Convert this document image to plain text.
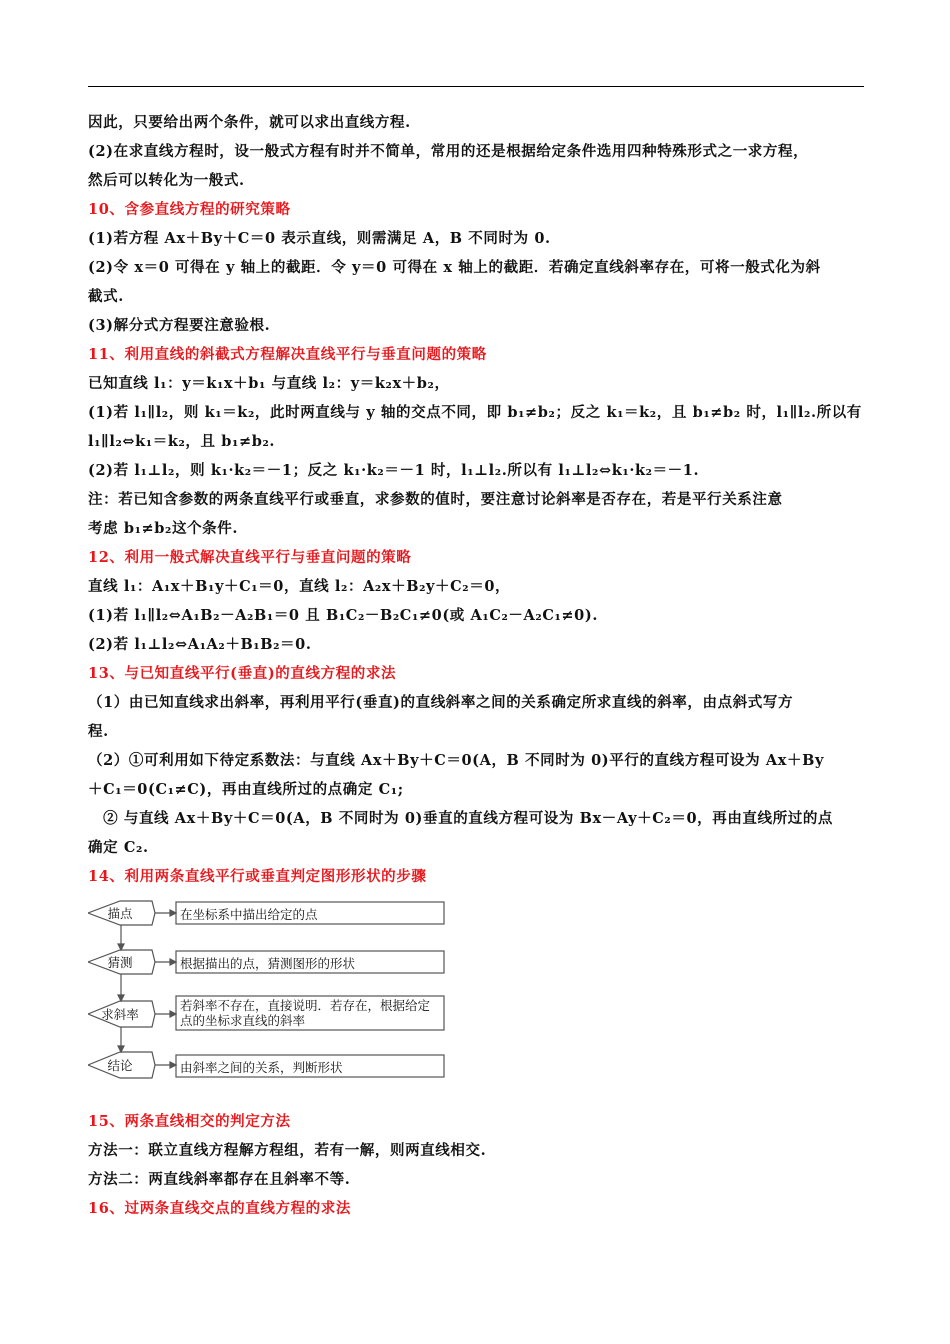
因此，只要给出两个条件，就可以求出直线方程.

(2)在求直线方程时，设一般式方程有时并不简单，常用的还是根据给定条件选用四种特殊形式之一求方程，

然后可以转化为一般式.

10、含参直线方程的研究策略

(1)若方程 Ax＋By＋C＝0 表示直线，则需满足 A，B 不同时为 0.

(2)令 x＝0 可得在 y 轴上的截距．令 y＝0 可得在 x 轴上的截距．若确定直线斜率存在，可将一般式化为斜

截式.

(3)解分式方程要注意验根.

11、利用直线的斜截式方程解决直线平行与垂直问题的策略

已知直线 l₁：y＝k₁x＋b₁ 与直线 l₂：y＝k₂x＋b₂，

(1)若 l₁∥l₂，则 k₁＝k₂，此时两直线与 y 轴的交点不同，即 b₁≠b₂；反之 k₁＝k₂，且 b₁≠b₂ 时，l₁∥l₂.所以有

l₁∥l₂⇔k₁＝k₂，且 b₁≠b₂.

(2)若 l₁⊥l₂，则 k₁·k₂＝－1；反之 k₁·k₂＝－1 时，l₁⊥l₂.所以有 l₁⊥l₂⇔k₁·k₂＝－1.

注：若已知含参数的两条直线平行或垂直，求参数的值时，要注意讨论斜率是否存在，若是平行关系注意

考虑 b₁≠b₂这个条件.

12、利用一般式解决直线平行与垂直问题的策略

直线 l₁：A₁x＋B₁y＋C₁＝0，直线 l₂：A₂x＋B₂y＋C₂＝0，

(1)若 l₁∥l₂⇔A₁B₂－A₂B₁＝0 且 B₁C₂－B₂C₁≠0(或 A₁C₂－A₂C₁≠0).

(2)若 l₁⊥l₂⇔A₁A₂＋B₁B₂＝0.

13、与已知直线平行(垂直)的直线方程的求法

（1）由已知直线求出斜率，再利用平行(垂直)的直线斜率之间的关系确定所求直线的斜率，由点斜式写方

程.

（2）①可利用如下待定系数法：与直线 Ax＋By＋C＝0(A，B 不同时为 0)平行的直线方程可设为 Ax＋By

＋C₁＝0(C₁≠C)，再由直线所过的点确定 C₁;

　② 与直线 Ax＋By＋C＝0(A，B 不同时为 0)垂直的直线方程可设为 Bx－Ay＋C₂＝0，再由直线所过的点

确定 C₂.

14、利用两条直线平行或垂直判定图形形状的步骤

描点
猜测
求斜率
结论
在坐标系中描出给定的点
根据描出的点，猜测图形的形状
若斜率不存在，直接说明．若存在，根据给定点的坐标求直线的斜率
由斜率之间的关系，判断形状

15、两条直线相交的判定方法

方法一：联立直线方程解方程组，若有一解，则两直线相交.

方法二：两直线斜率都存在且斜率不等.

16、过两条直线交点的直线方程的求法
